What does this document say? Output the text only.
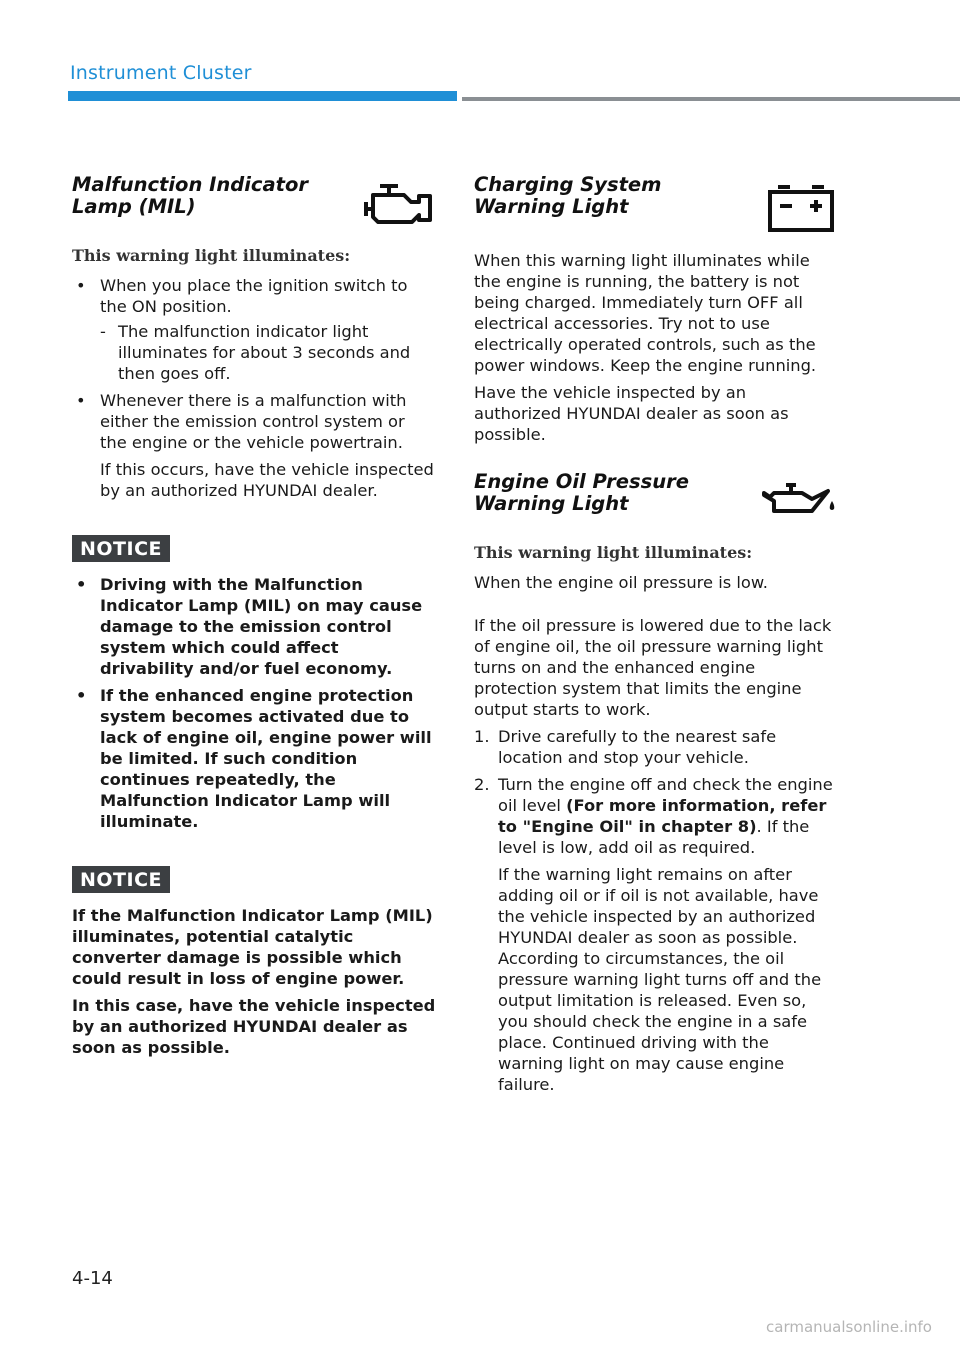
Instrument Cluster
Malfunction Indicator Lamp (MIL)
This warning light illuminates:
• When you place the ignition switch to the ON position.
- The malfunction indicator light illuminates for about 3 seconds and then goes off.
• Whenever there is a malfunction with either the emission control system or the engine or the vehicle powertrain.

If this occurs, have the vehicle inspected by an authorized HYUNDAI dealer.

NOTICE
• Driving with the Malfunction Indicator Lamp (MIL) on may cause damage to the emission control system which could affect drivability and/or fuel economy.
• If the enhanced engine protection system becomes activated due to lack of engine oil, engine power will be limited. If such condition continues repeatedly, the Malfunction Indicator Lamp will illuminate.
NOTICE

If the Malfunction Indicator Lamp (MIL) illuminates, potential catalytic converter damage is possible which could result in loss of engine power.

In this case, have the vehicle inspected by an authorized HYUNDAI dealer as soon as possible.

Charging System Warning Light

When this warning light illuminates while the engine is running, the battery is not being charged. Immediately turn OFF all electrical accessories. Try not to use electrically operated controls, such as the power windows. Keep the engine running.

Have the vehicle inspected by an authorized HYUNDAI dealer as soon as possible.

Engine Oil Pressure Warning Light
This warning light illuminates:

When the engine oil pressure is low.

If the oil pressure is lowered due to the lack of engine oil, the oil pressure warning light turns on and the enhanced engine protection system that limits the engine output starts to work.

1. Drive carefully to the nearest safe location and stop your vehicle.
2. Turn the engine off and check the engine oil level (For more information, refer to "Engine Oil" in chapter 8). If the level is low, add oil as required.

If the warning light remains on after adding oil or if oil is not available, have the vehicle inspected by an authorized HYUNDAI dealer as soon as possible. According to circumstances, the oil pressure warning light turns off and the output limitation is released. Even so, you should check the engine in a safe place. Continued driving with the warning light on may cause engine failure.

4-14
carmanualsonline.info
